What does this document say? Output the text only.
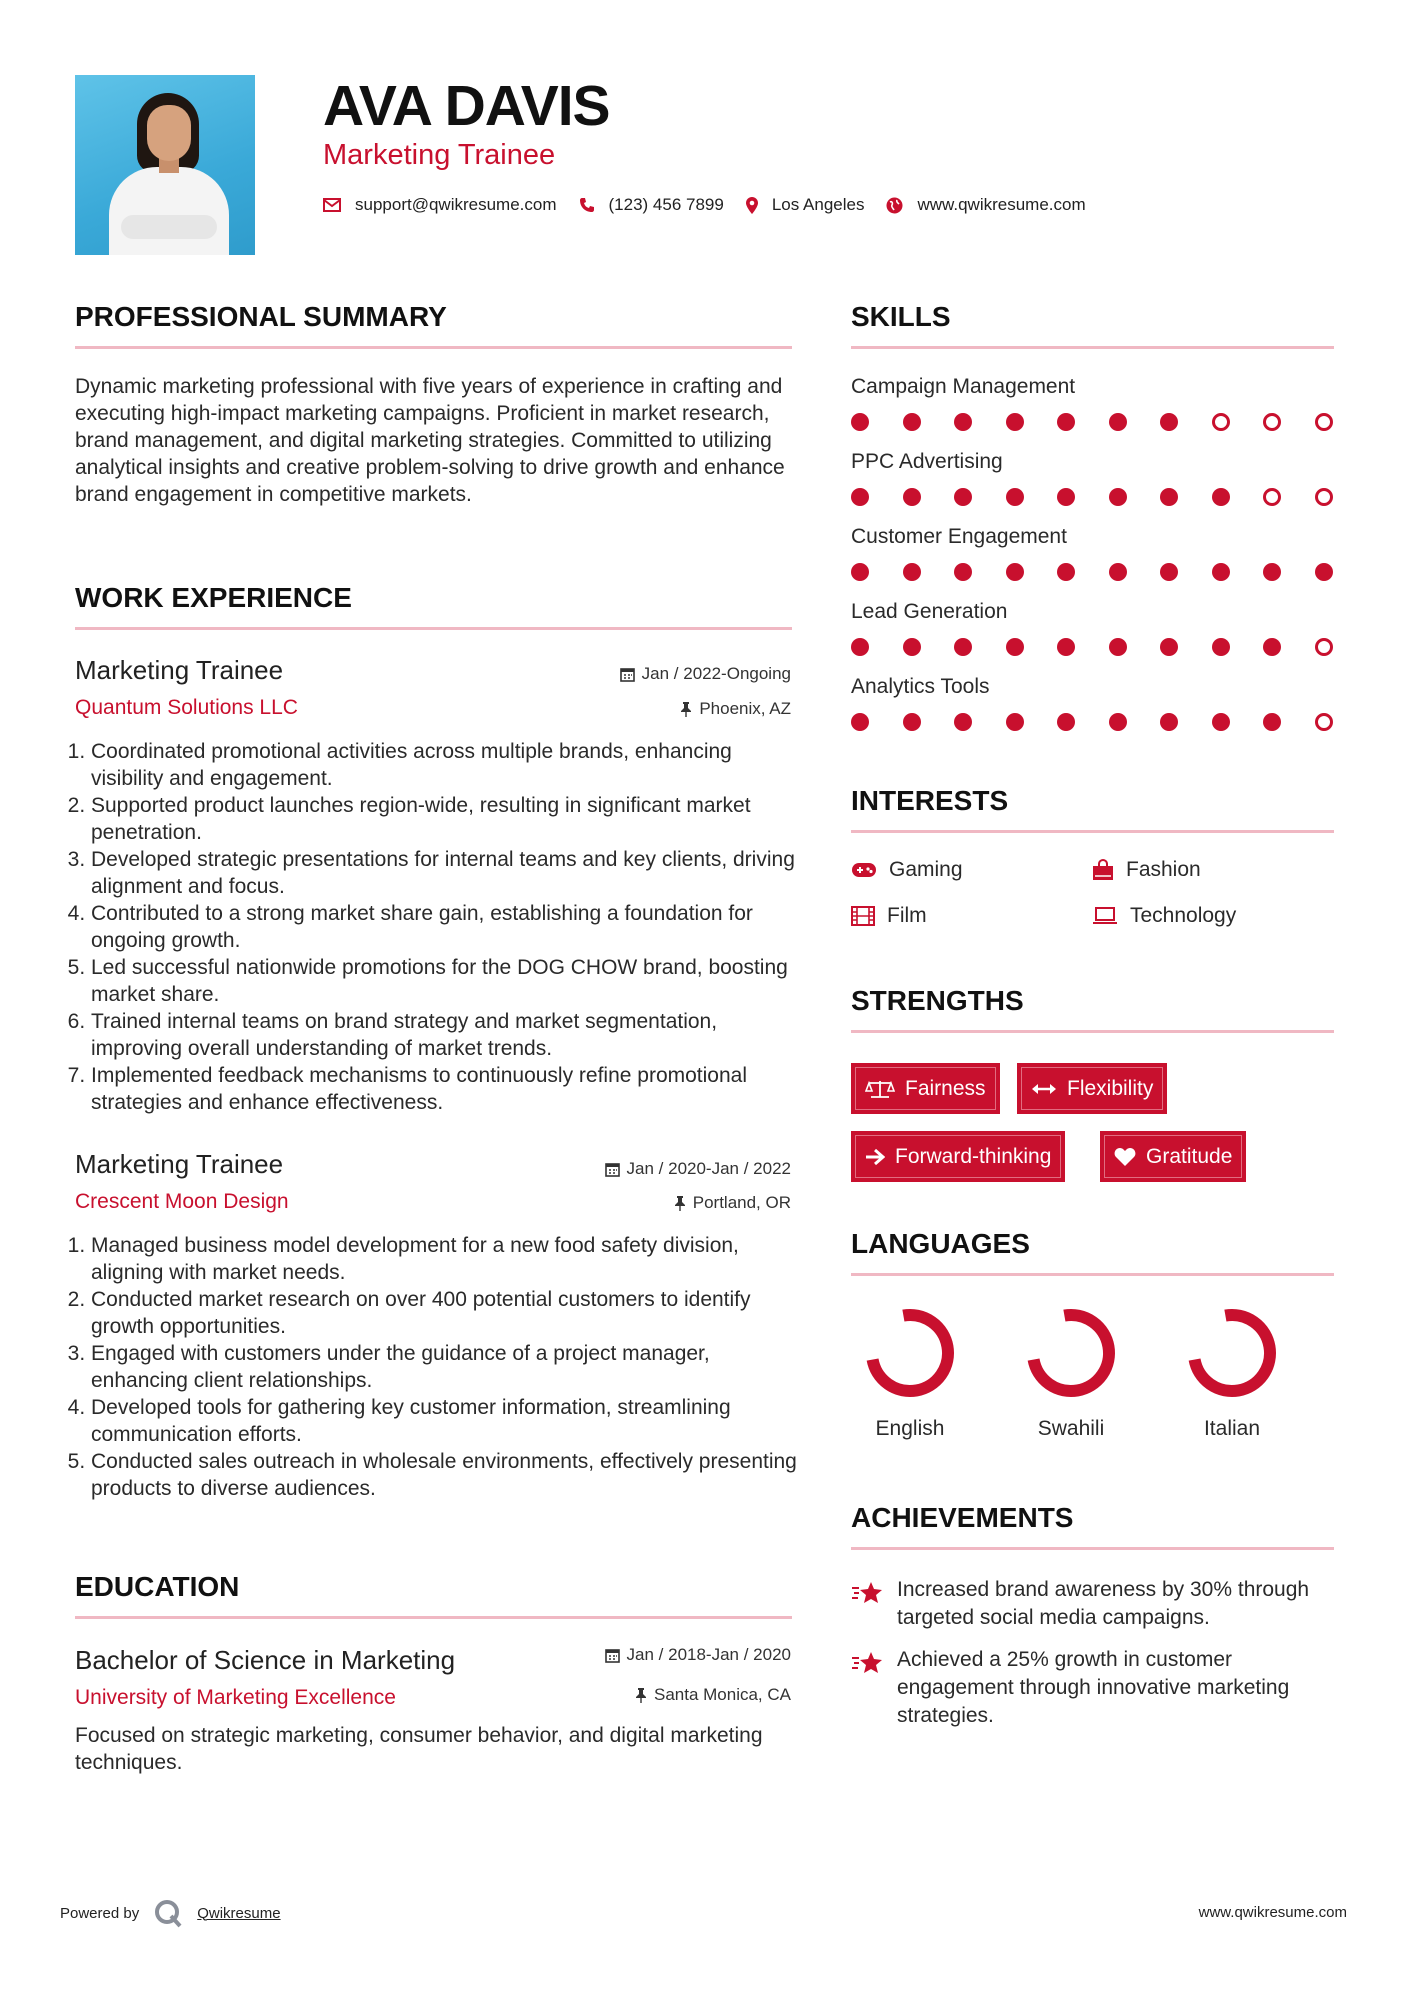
AVA DAVIS
Marketing Trainee
support@qwikresume.com	(123) 456 7899	Los Angeles	www.qwikresume.com
PROFESSIONAL SUMMARY
Dynamic marketing professional with five years of experience in crafting and executing high-impact marketing campaigns. Proficient in market research, brand management, and digital marketing strategies. Committed to utilizing analytical insights and creative problem-solving to drive growth and enhance brand engagement in competitive markets.
WORK EXPERIENCE
Marketing Trainee
Quantum Solutions LLC
Jan / 2022-Ongoing
Phoenix, AZ
1. Coordinated promotional activities across multiple brands, enhancing visibility and engagement.
2. Supported product launches region-wide, resulting in significant market penetration.
3. Developed strategic presentations for internal teams and key clients, driving alignment and focus.
4. Contributed to a strong market share gain, establishing a foundation for ongoing growth.
5. Led successful nationwide promotions for the DOG CHOW brand, boosting market share.
6. Trained internal teams on brand strategy and market segmentation, improving overall understanding of market trends.
7. Implemented feedback mechanisms to continuously refine promotional strategies and enhance effectiveness.
Marketing Trainee
Crescent Moon Design
Jan / 2020-Jan / 2022
Portland, OR
1. Managed business model development for a new food safety division, aligning with market needs.
2. Conducted market research on over 400 potential customers to identify growth opportunities.
3. Engaged with customers under the guidance of a project manager, enhancing client relationships.
4. Developed tools for gathering key customer information, streamlining communication efforts.
5. Conducted sales outreach in wholesale environments, effectively presenting products to diverse audiences.
EDUCATION
Bachelor of Science in Marketing
University of Marketing Excellence
Jan / 2018-Jan / 2020
Santa Monica, CA
Focused on strategic marketing, consumer behavior, and digital marketing techniques.
SKILLS
Campaign Management
PPC Advertising
Customer Engagement
Lead Generation
Analytics Tools
INTERESTS
Gaming	Fashion
Film	Technology
STRENGTHS
Fairness	Flexibility
Forward-thinking	Gratitude
LANGUAGES
English	Swahili	Italian
ACHIEVEMENTS
Increased brand awareness by 30% through targeted social media campaigns.
Achieved a 25% growth in customer engagement through innovative marketing strategies.
Powered by	Qwikresume	www.qwikresume.com
